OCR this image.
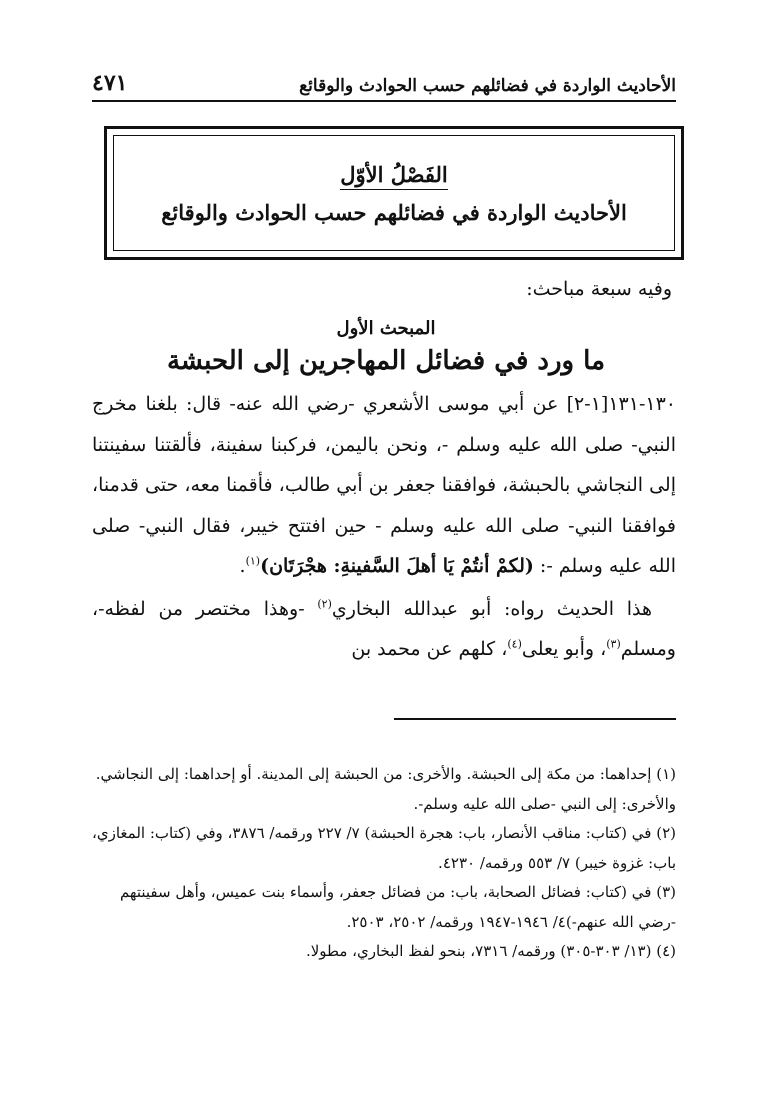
الأحاديث الواردة في فضائلهم حسب الحوادث والوقائع
٤٧١
الفَصْلُ الأوّل
الأحاديث الواردة في فضائلهم حسب الحوادث والوقائع
وفيه سبعة مباحث:
المبحث الأول
ما ورد في فضائل المهاجرين إلى الحبشة

١٣٠-١٣١[١-٢] عن أبي موسى الأشعري -رضي الله عنه- قال: بلغنا مخرج النبي- صلى الله عليه وسلم -، ونحن باليمن، فركبنا سفينة، فألقتنا سفينتنا إلى النجاشي بالحبشة، فوافقنا جعفر بن أبي طالب، فأقمنا معه، حتى قدمنا، فوافقنا النبي- صلى الله عليه وسلم - حين افتتح خيبر، فقال النبي- صلى الله عليه وسلم -: (لكمْ أنتُمْ يَا أهلَ السَّفينةِ: هجْرَتَان)$^{(١)}$.

هذا الحديث رواه: أبو عبدالله البخاري$^{(٢)}$ -وهذا مختصر من لفظه-، ومسلم$^{(٣)}$، وأبو يعلى$^{(٤)}$، كلهم عن محمد بن

(١) إحداهما: من مكة إلى الحبشة. والأخرى: من الحبشة إلى المدينة. أو إحداهما: إلى النجاشي. والأخرى: إلى النبي -صلى الله عليه وسلم-.
(٢) في (كتاب: مناقب الأنصار، باب: هجرة الحبشة) ٧/ ٢٢٧ ورقمه/ ٣٨٧٦، وفي (كتاب: المغازي، باب: غزوة خيبر) ٧/ ٥٥٣ ورقمه/ ٤٢٣٠.
(٣) في (كتاب: فضائل الصحابة، باب: من فضائل جعفر، وأسماء بنت عميس، وأهل سفينتهم -رضي الله عنهم-)٤/ ١٩٤٦-١٩٤٧ ورقمه/ ٢٥٠٢، ٢٥٠٣.
(٤) (١٣/ ٣٠٣-٣٠٥) ورقمه/ ٧٣١٦، بنحو لفظ البخاري، مطولا.
